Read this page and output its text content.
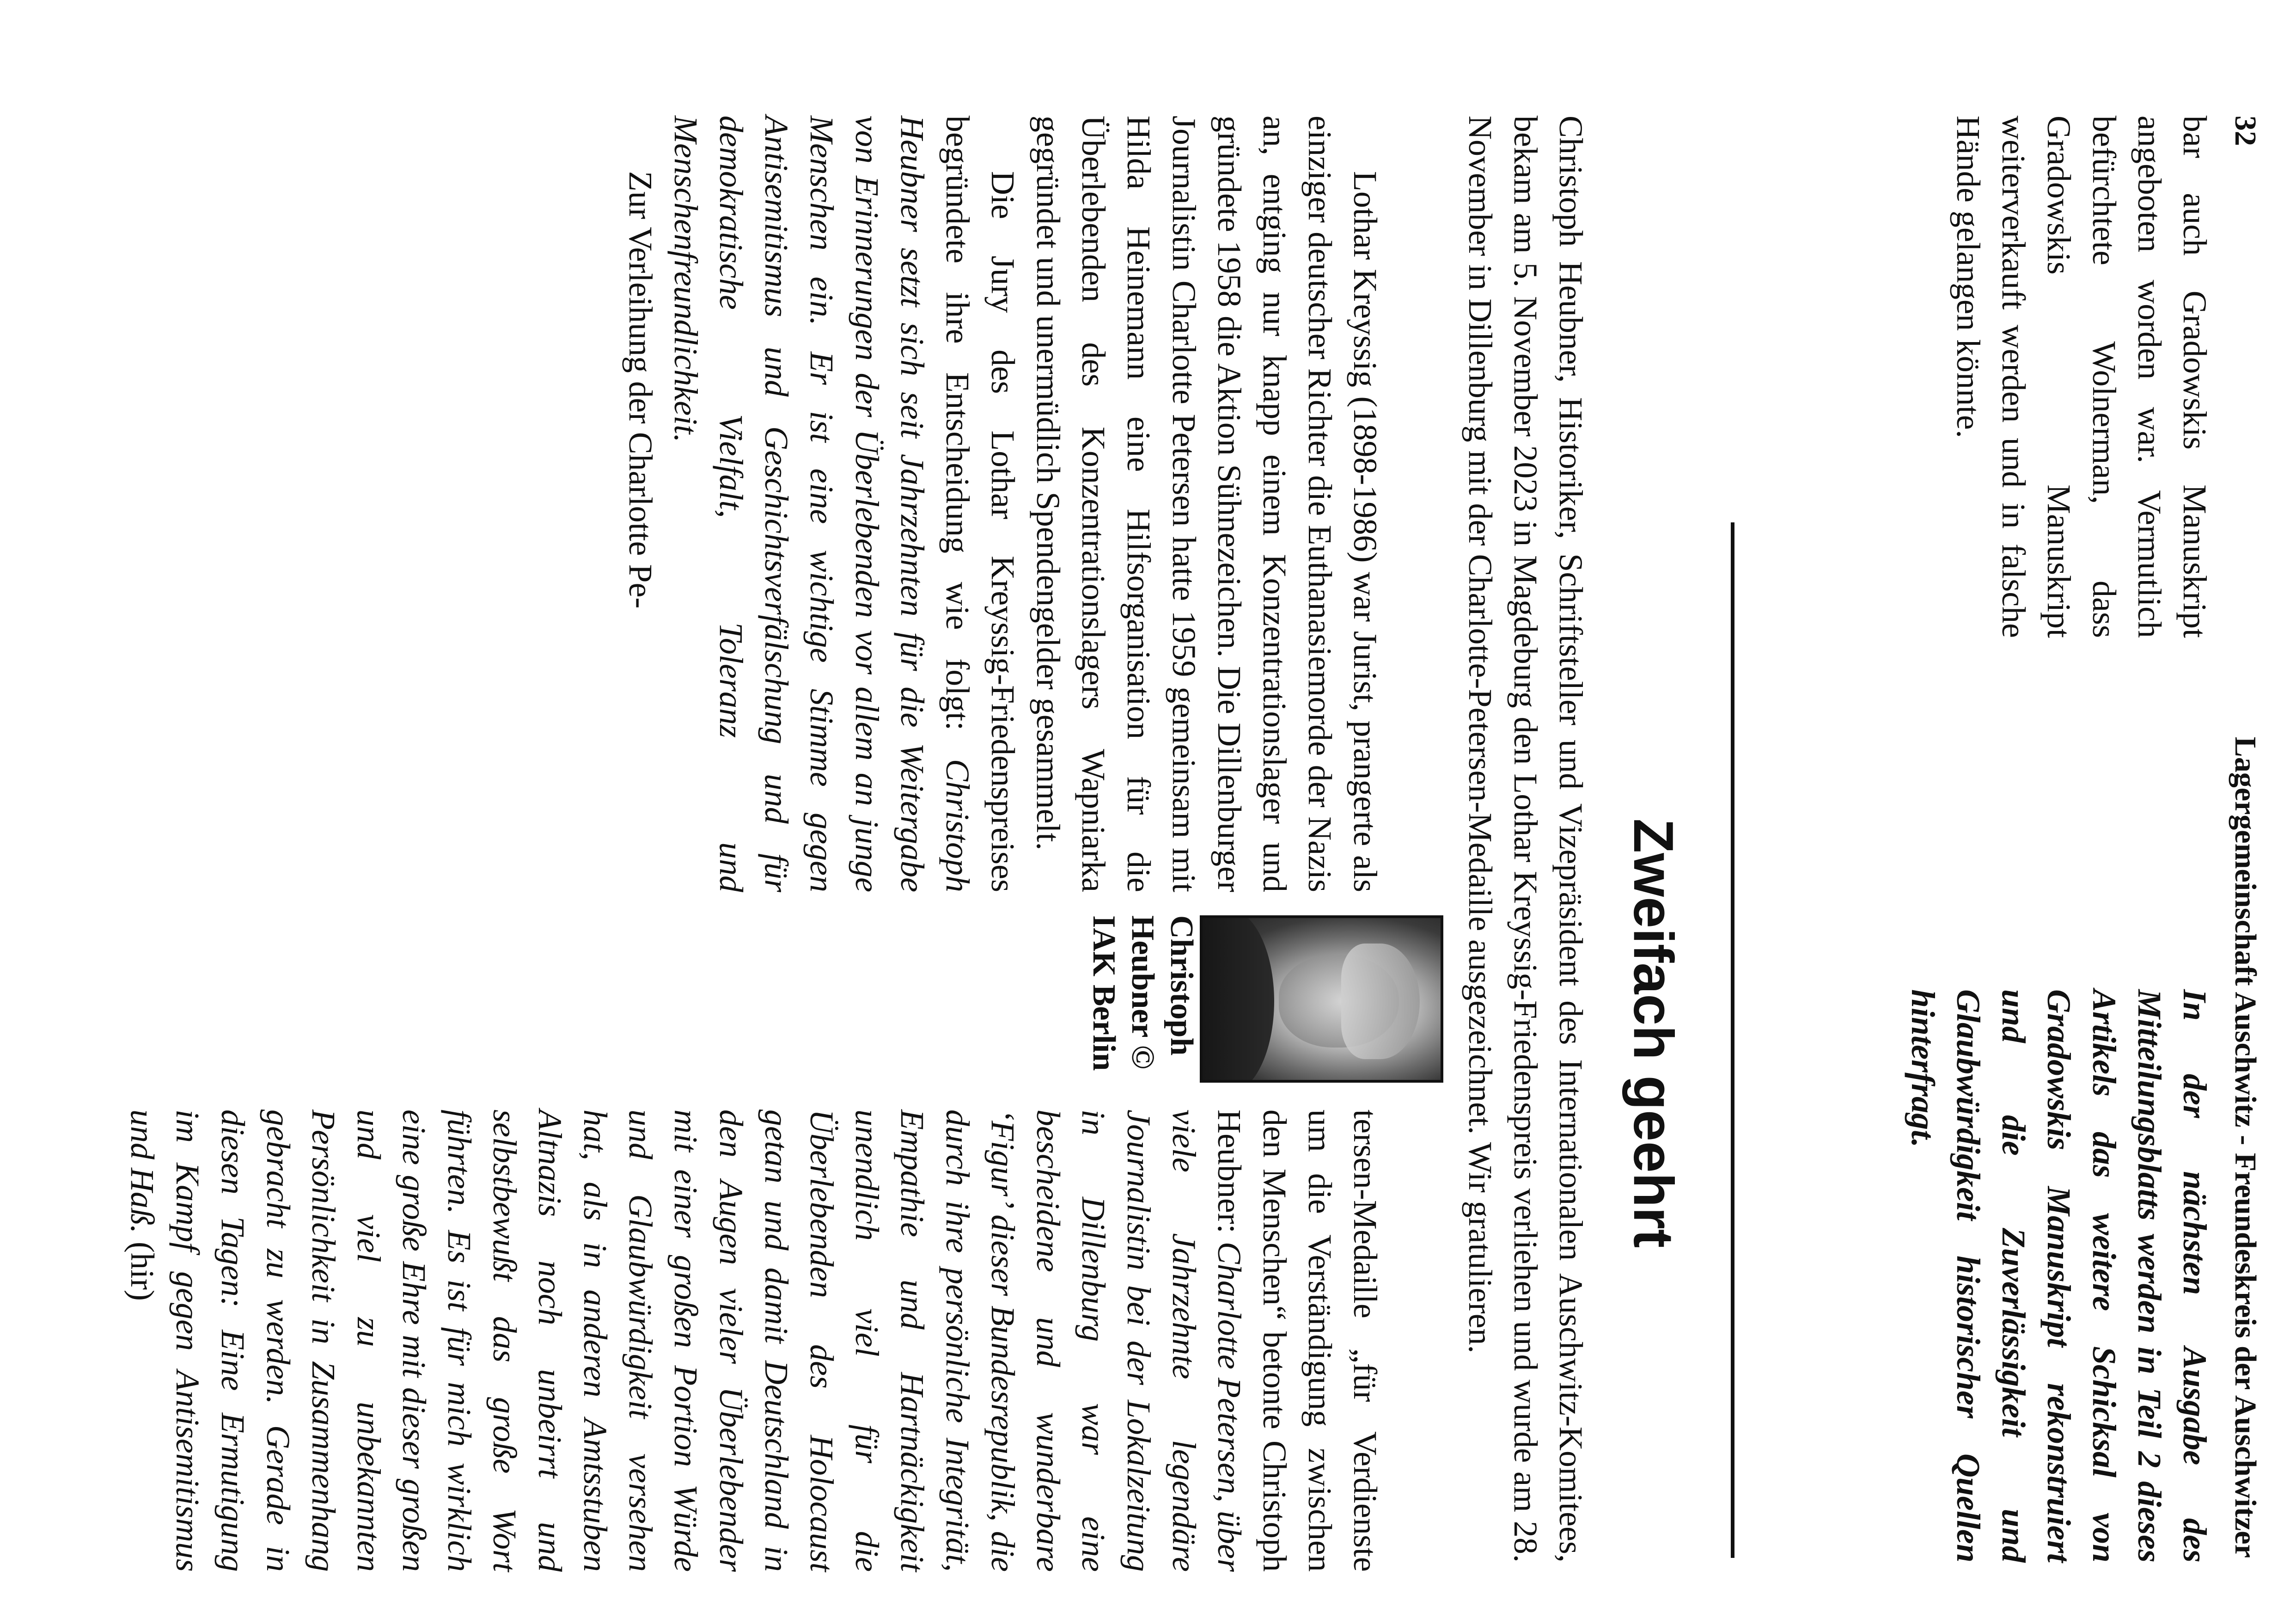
32
Lagergemeinschaft Auschwitz - Freundeskreis der Auschwitzer

bar auch Gradowskis Manuskript angeboten worden war. Vermutlich befürchtete Wolnerman, dass Gradowskis Manuskript weiterverkauft werden und in falsche Hände gelangen könnte.

In der nächsten Ausgabe des Mitteilungsblatts werden in Teil 2 dieses Artikels das weitere Schicksal von Gradowskis Manuskript rekonstruiert und die Zuverlässigkeit und Glaubwürdigkeit historischer Quellen hinterfragt.

Zweifach geehrt

Christoph Heubner, Historiker, Schriftsteller und Vizepräsident des Internationalen Auschwitz-Komitees, bekam am 5. November 2023 in Magdeburg den Lothar Kreyssig-Friedenspreis verliehen und wurde am 28. November in Dillenburg mit der Charlotte-Petersen-Medaille ausgezeichnet. Wir gratulieren.

Lothar Kreyssig (1898-1986) war Jurist, prangerte als einziger deutscher Richter die Euthanasiemorde der Nazis an, entging nur knapp einem Konzentrationslager und gründete 1958 die Aktion Sühnezeichen. Die Dillenburger Journalistin Charlotte Petersen hatte 1959 gemeinsam mit Hilda Heinemann eine Hilfsorganisation für die Überlebenden des Konzentrationslagers Wapniarka gegründet und unermüdlich Spendengelder gesammelt.

Die Jury des Lothar Kreyssig-Friedenspreises begründete ihre Entscheidung wie folgt: Christoph Heubner setzt sich seit Jahrzehnten für die Weitergabe von Erinnerungen der Überlebenden vor allem an junge Menschen ein. Er ist eine wichtige Stimme gegen Antisemitismus und Geschichtsverfälschung und für demokratische Vielfalt, Toleranz und Menschenfreundlichkeit.

Zur Verleihung der Charlotte Pe-

Christoph Heubner © IAK Berlin

tersen-Medaille „für Verdienste um die Verständigung zwischen den Menschen“ betonte Christoph Heubner: Charlotte Petersen, über viele Jahrzehnte legendäre Journalistin bei der Lokalzeitung in Dillenburg war eine bescheidene und wunderbare ‘Figur’ dieser Bundesrepublik, die durch ihre persönliche Integrität, Empathie und Hartnäckigkeit unendlich viel für die Überlebenden des Holocaust getan und damit Deutschland in den Augen vieler Überlebender mit einer großen Portion Würde und Glaubwürdigkeit versehen hat, als in anderen Amtsstuben Altnazis noch unbeirrt und selbstbewußt das große Wort führten. Es ist für mich wirklich eine große Ehre mit dieser großen und viel zu unbekannten Persönlichkeit in Zusammenhang gebracht zu werden. Gerade in diesen Tagen: Eine Ermutigung im Kampf gegen Antisemitismus und Haß. (hir)
